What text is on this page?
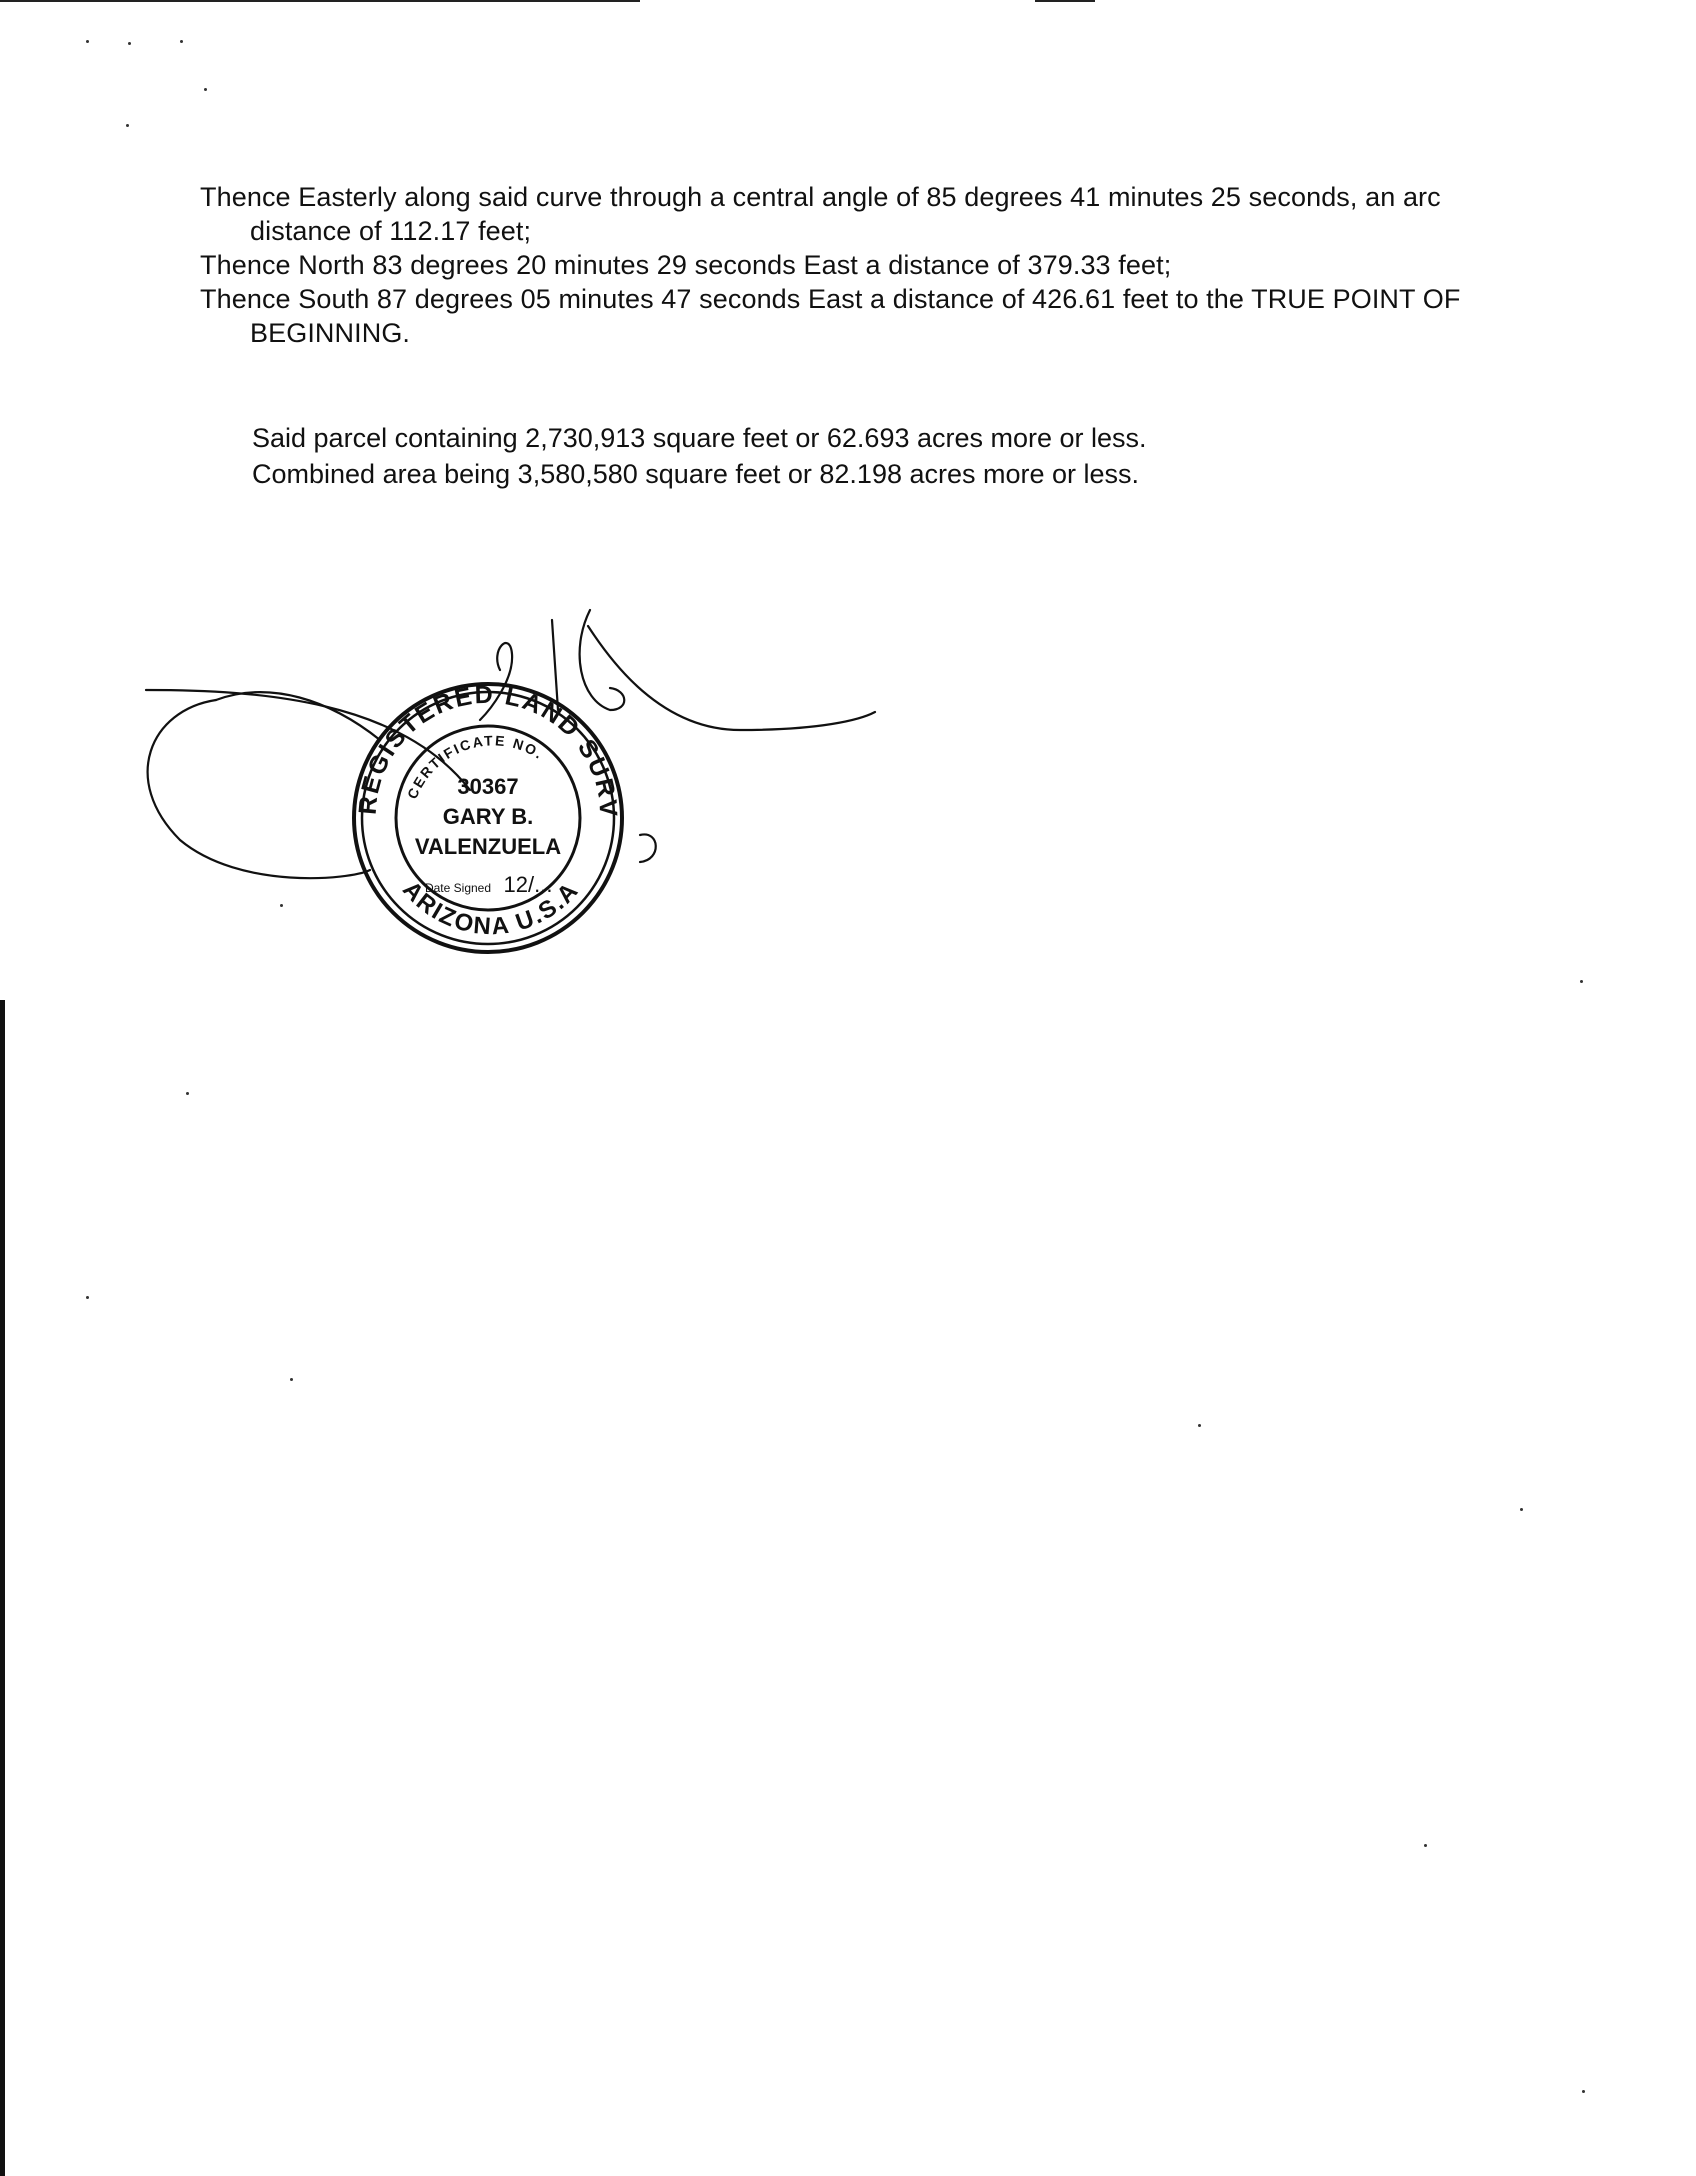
Thence Easterly along said curve through a central angle of 85 degrees 41 minutes 25 seconds, an arc distance of 112.17 feet;

Thence North 83 degrees 20 minutes 29 seconds East a distance of 379.33 feet;

Thence South 87 degrees 05 minutes 47 seconds East a distance of 426.61 feet to the TRUE POINT OF BEGINNING.

Said parcel containing 2,730,913 square feet or 62.693 acres more or less.

Combined area being 3,580,580 square feet or 82.198 acres more or less.

REGISTERED LAND SURV
ARIZONA U.S.A
CERTIFICATE NO.
30367
GARY B.
VALENZUELA
Date Signed 12/...
